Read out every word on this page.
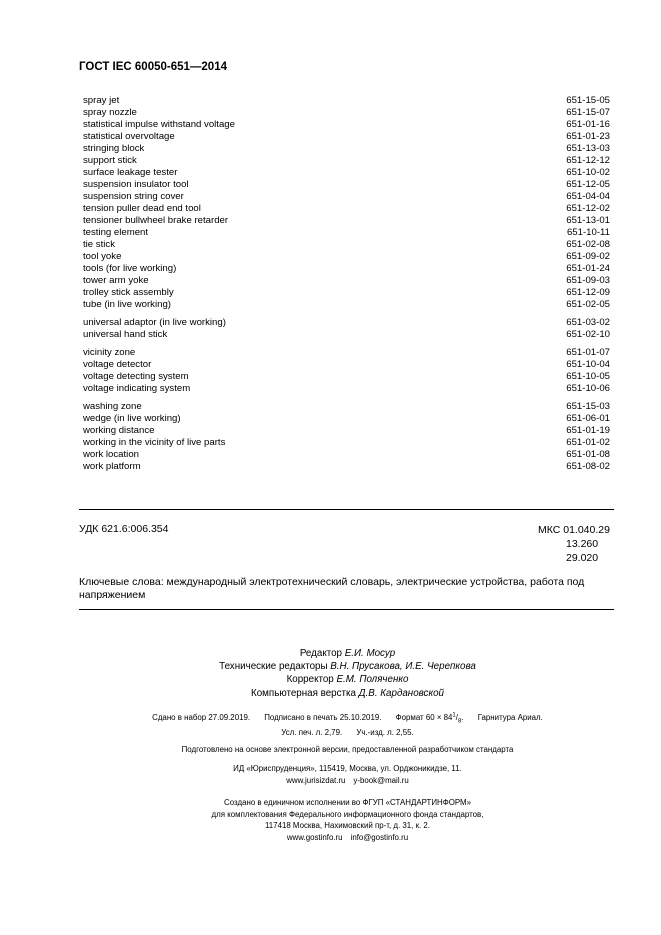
ГОСТ IEC 60050-651—2014
spray jet	651-15-05
spray nozzle	651-15-07
statistical impulse withstand voltage	651-01-16
statistical overvoltage	651-01-23
stringing block	651-13-03
support stick	651-12-12
surface leakage tester	651-10-02
suspension insulator tool	651-12-05
suspension string cover	651-04-04
tension puller dead end tool	651-12-02
tensioner bullwheel brake retarder	651-13-01
testing element	651-10-11
tie stick	651-02-08
tool yoke	651-09-02
tools (for live working)	651-01-24
tower arm yoke	651-09-03
trolley stick assembly	651-12-09
tube (in live working)	651-02-05
universal adaptor (in live working)	651-03-02
universal hand stick	651-02-10
vicinity zone	651-01-07
voltage detector	651-10-04
voltage detecting system	651-10-05
voltage indicating system	651-10-06
washing zone	651-15-03
wedge (in live working)	651-06-01
working distance	651-01-19
working in the vicinity of live parts	651-01-02
work location	651-01-08
work platform	651-08-02
УДК 621.6:006.354	МКС 01.040.29
13.260
29.020
Ключевые слова: международный электротехнический словарь, электрические устройства, работа под напряжением
Редактор Е.И. Мосур
Технические редакторы В.Н. Прусакова, И.Е. Черепкова
Корректор Е.М. Поляченко
Компьютерная верстка Д.В. Кардановской
Сдано в набор 27.09.2019. Подписано в печать 25.10.2019. Формат $60 \times 84^1/_8$. Гарнитура Ариал.
Усл. печ. л. 2,79. Уч.-изд. л. 2,55.
Подготовлено на основе электронной версии, предоставленной разработчиком стандарта
ИД «Юриспруденция», 115419, Москва, ул. Орджоникидзе, 11.
www.jurisizdat.ru y-book@mail.ru
Создано в единичном исполнении во ФГУП «СТАНДАРТИНФОРМ»
для комплектования Федерального информационного фонда стандартов,
117418 Москва, Нахимовский пр-т, д. 31, к. 2.
www.gostinfo.ru info@gostinfo.ru
